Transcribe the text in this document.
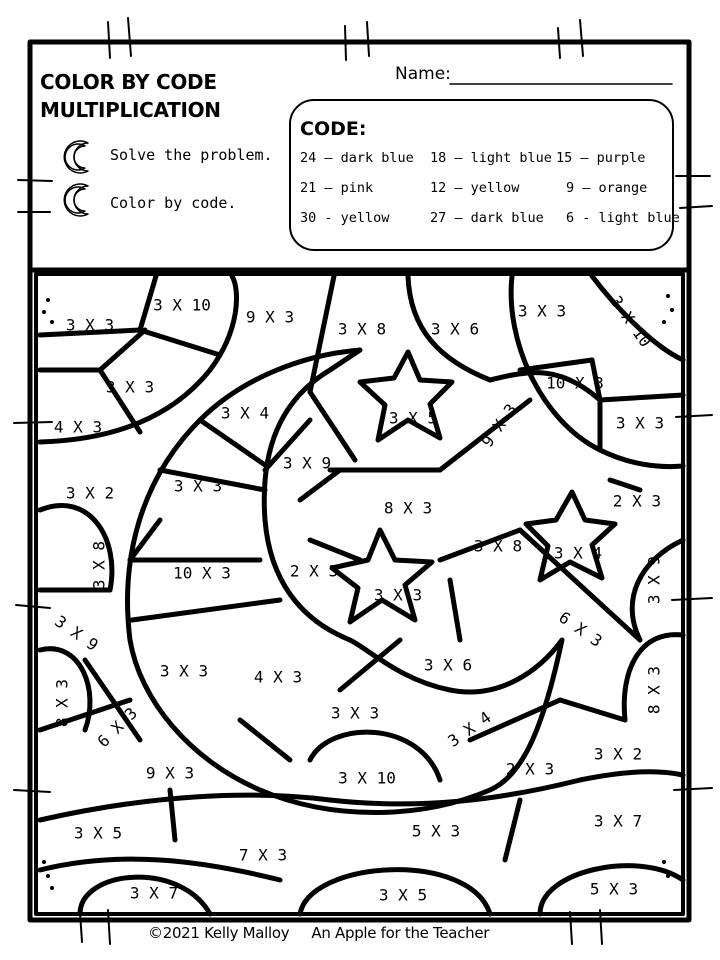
3 X 3
3 X 10
9 X 3
3 X 8	3 X 6
3 X 3	3 X 10
3 X 3
3 X 4	3 X 5
10 X 3
4 X 3	9 X 3	3 X 3
3 X 9
3 X 2	3 X 3
8 X 3
2 X 3
3 X 8	3 X 8 3 X 4
10 X 3
2 X 3
3 X 3	3 X 9
3 X 9
3 X 3	4 X 3
6 X 3
3 X 6
8 X 3	8 X 3
6 X 3	3 X 3	3 X 4
3 X 2
9 X 3	3 X 10	2 X 3
3 X 5	5 X 3
7 X 3
3 X 7
3 X 7	3 X 5	5 X 3
COLOR BY CODE
MULTIPLICATION
Name:
Solve the problem.
Color by code.
CODE:
24 – dark blue 18 – light blue 15 – purple
21 – pink	12 – yellow	9 – orange
30 - yellow	27 – dark blue 6 - light blue
©2021 Kelly Malloy An Apple for the Teacher
